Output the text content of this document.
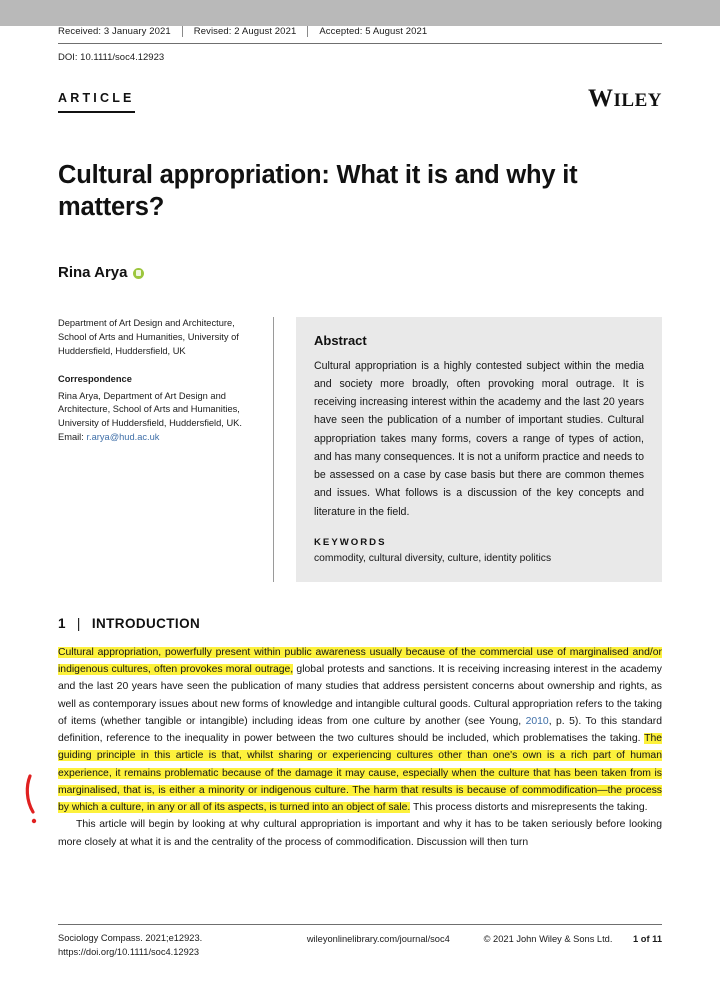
Received: 3 January 2021	Revised: 2 August 2021	Accepted: 5 August 2021
DOI: 10.1111/soc4.12923
ARTICLE	WILEY
Cultural appropriation: What it is and why it matters?
Rina Arya
Department of Art Design and Architecture, School of Arts and Humanities, University of Huddersfield, Huddersfield, UK
Correspondence
Rina Arya, Department of Art Design and Architecture, School of Arts and Humanities, University of Huddersfield, Huddersfield, UK.
Email: r.arya@hud.ac.uk
Abstract

Cultural appropriation is a highly contested subject within the media and society more broadly, often provoking moral outrage. It is receiving increasing interest within the academy and the last 20 years have seen the publication of a number of important studies. Cultural appropriation takes many forms, covers a range of types of action, and has many consequences. It is not a uniform practice and needs to be assessed on a case by case basis but there are common themes and issues. What follows is a discussion of the key concepts and literature in the field.

KEYWORDS
commodity, cultural diversity, culture, identity politics
1 | INTRODUCTION

Cultural appropriation, powerfully present within public awareness usually because of the commercial use of marginalised and/or indigenous cultures, often provokes moral outrage, global protests and sanctions. It is receiving increasing interest in the academy and the last 20 years have seen the publication of many studies that address persistent concerns about ownership and rights, as well as contemporary issues about new forms of knowledge and intangible cultural goods. Cultural appropriation refers to the taking of items (whether tangible or intangible) including ideas from one culture by another (see Young, 2010, p. 5). To this standard definition, reference to the inequality in power between the two cultures should be included, which problematises the taking. The guiding principle in this article is that, whilst sharing or experiencing cultures other than one's own is a rich part of human experience, it remains problematic because of the damage it may cause, especially when the culture that has been taken from is marginalised, that is, is either a minority or indigenous culture. The harm that results is because of commodification—the process by which a culture, in any or all of its aspects, is turned into an object of sale. This process distorts and misrepresents the taking.

This article will begin by looking at why cultural appropriation is important and why it has to be taken seriously before looking more closely at what it is and the centrality of the process of commodification. Discussion will then turn

Sociology Compass. 2021;e12923.
https://doi.org/10.1111/soc4.12923
wileyonlinelibrary.com/journal/soc4	© 2021 John Wiley & Sons Ltd. 1 of 11
